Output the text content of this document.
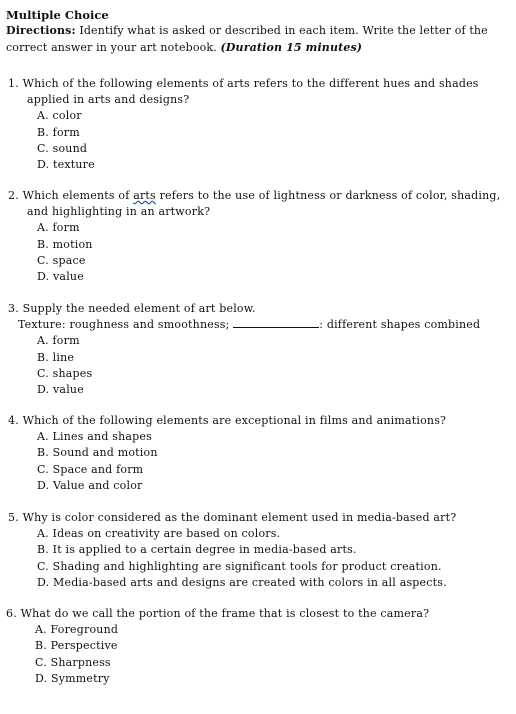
Multiple Choice

Directions: Identify what is asked or described in each item. Write the letter of the correct answer in your art notebook. (Duration 15 minutes)

1. Which of the following elements of arts refers to the different hues and shades
applied in arts and designs?

A. color
B. form
C. sound
D. texture

2. Which elements of arts refers to the use of lightness or darkness of color, shading,
and highlighting in an artwork?

A. form
B. motion
C. space
D. value

3. Supply the needed element of art below.
Texture: roughness and smoothness;	: different shapes combined

A. form
B. line
C. shapes
D. value

4. Which of the following elements are exceptional in films and animations?

A. Lines and shapes
B. Sound and motion
C. Space and form
D. Value and color

5. Why is color considered as the dominant element used in media-based art?

A. Ideas on creativity are based on colors.
B. It is applied to a certain degree in media-based arts.
C. Shading and highlighting are significant tools for product creation.
D. Media-based arts and designs are created with colors in all aspects.

6. What do we call the portion of the frame that is closest to the camera?

A. Foreground
B. Perspective
C. Sharpness
D. Symmetry
